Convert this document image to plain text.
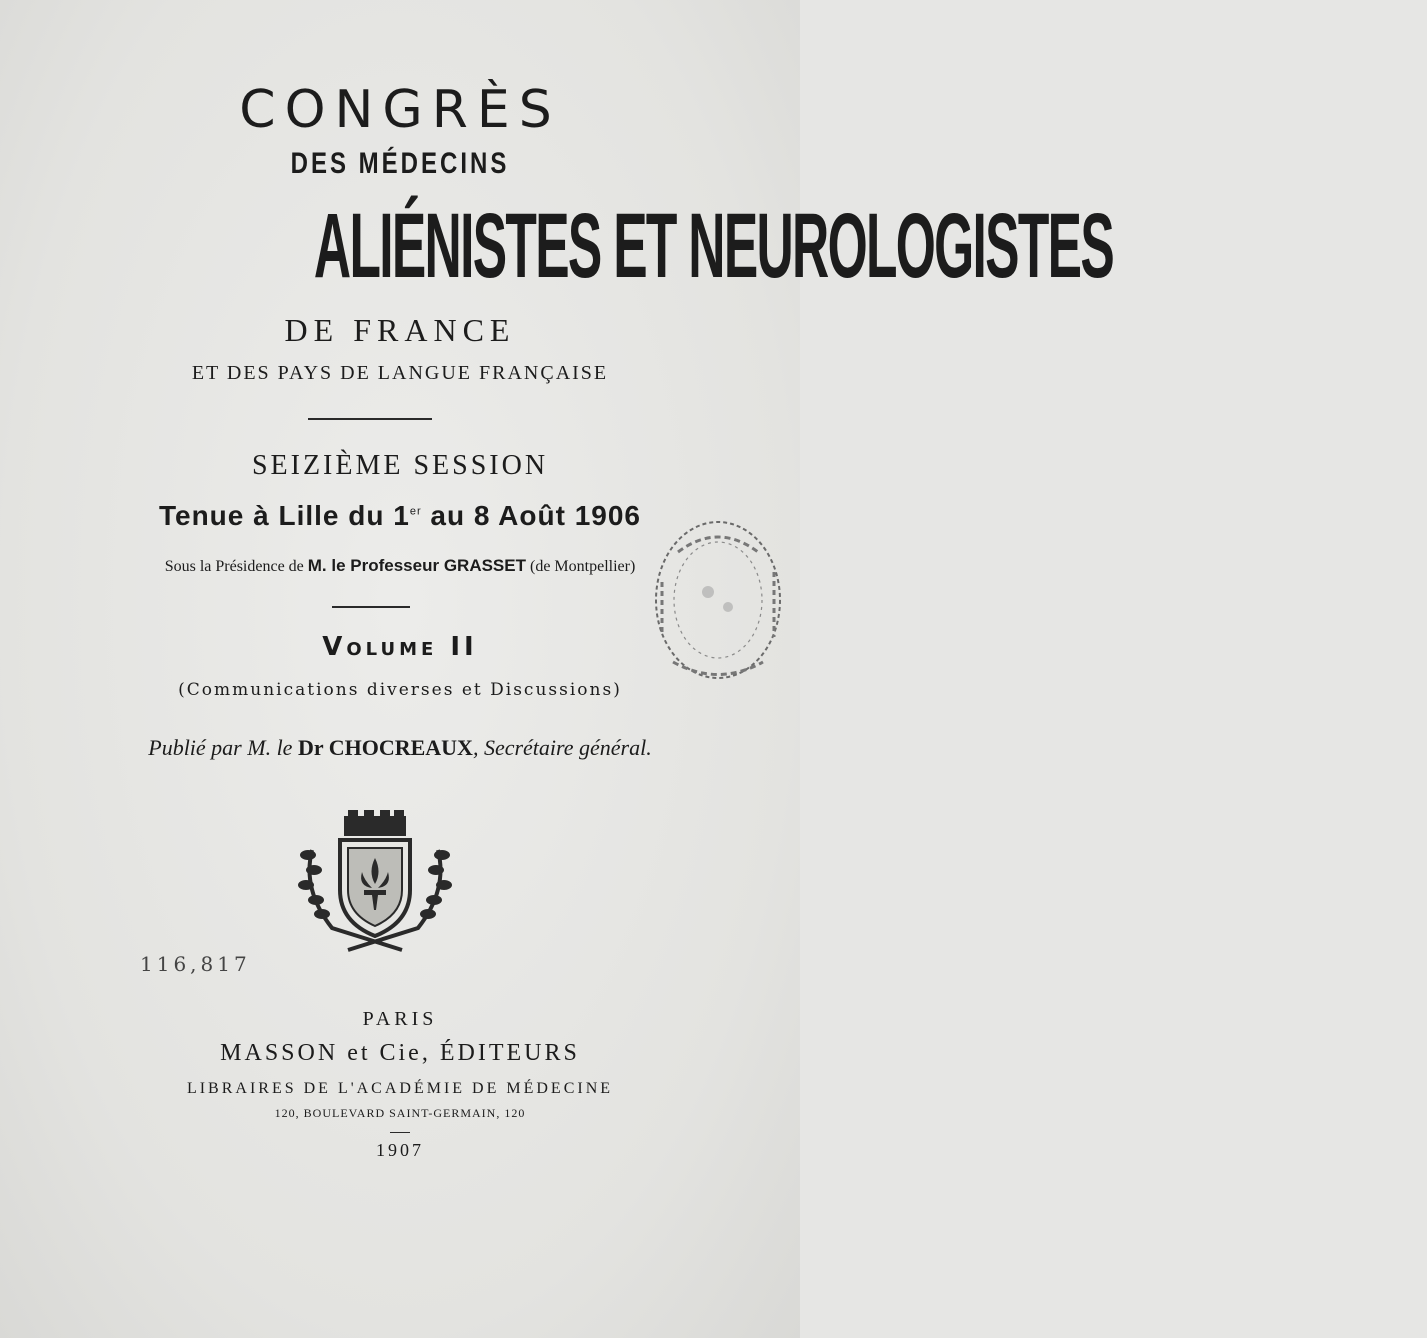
CONGRÈS
DES MÉDECINS
ALIÉNISTES ET NEUROLOGISTES
DE FRANCE
ET DES PAYS DE LANGUE FRANÇAISE
SEIZIÈME SESSION
Tenue à Lille du 1er au 8 Août 1906
Sous la Présidence de M. le Professeur GRASSET (de Montpellier)
Volume II
(Communications diverses et Discussions)
Publié par M. le Dr CHOCREAUX, Secrétaire général.
116,817
PARIS
MASSON et Cie, ÉDITEURS
LIBRAIRES DE L'ACADÉMIE DE MÉDECINE
120, BOULEVARD SAINT-GERMAIN, 120
1907
